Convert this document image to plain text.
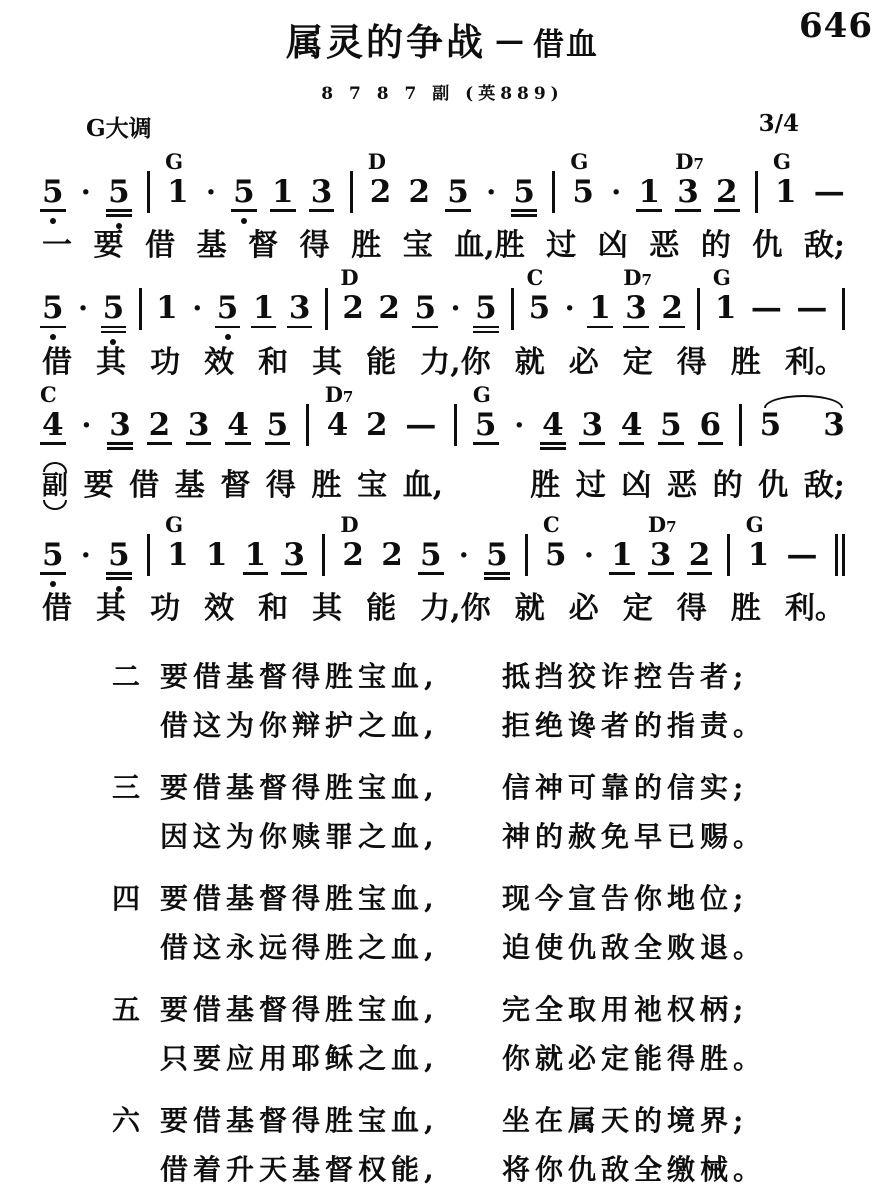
646
属灵的争战 — 借血
8 7 8 7 副 (英889)
G大调	3/4
5 · 5 1
G
· 5 1 3 2
D
2 5 · 5 5
G
· 1 3
D7
2 1
G
—
一 要 借 基 督 得 胜 宝 血,胜 过 凶 恶 的 仇 敌;
5 · 5 1 · 5 1 3 2
D
2 5 · 5 5
C
· 1 3
D7
2 1
G
— —
借 其 功 效 和 其 能 力,你 就 必 定 得 胜 利。
4
C
· 3 2 3 4 5 4
D7
2 — 5
G
· 4 3 4 5 6 5 3
副 要 借 基 督 得 胜 宝 血,	胜 过 凶 恶 的 仇 敌;
5 · 5 1
G
1 1 3 2
D
2 5 · 5 5
C
· 1 3
D7
2 1
G
—
借 其 功 效 和 其 能 力,你 就 必 定 得 胜 利。
二 要借基督得胜宝血,	抵挡狡诈控告者;
借这为你辩护之血,	拒绝谗者的指责。
三 要借基督得胜宝血,	信神可靠的信实;
因这为你赎罪之血,	神的赦免早已赐。
四 要借基督得胜宝血,	现今宣告你地位;
借这永远得胜之血,	迫使仇敌全败退。
五 要借基督得胜宝血,	完全取用祂权柄;
只要应用耶稣之血,	你就必定能得胜。
六 要借基督得胜宝血,	坐在属天的境界;
借着升天基督权能,	将你仇敌全缴械。
